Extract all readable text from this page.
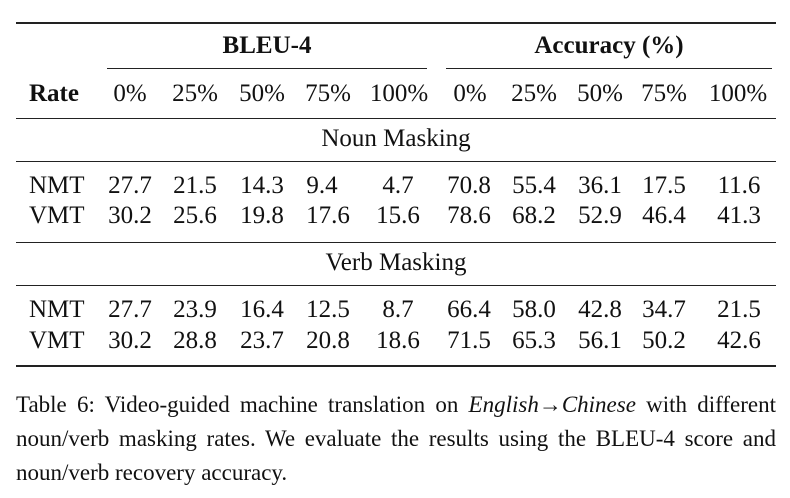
BLEU-4	Accuracy (%)
Rate 0% 25% 50% 75% 100% 0% 25% 50% 75% 100%
Noun Masking
NMT 27.7 21.5 14.3 9.4	4.7	70.8 55.4 36.1 17.5 11.6
VMT 30.2 25.6 19.8 17.6 15.6 78.6 68.2 52.9 46.4 41.3
Verb Masking
NMT 27.7 23.9 16.4 12.5	8.7	66.4 58.0 42.8 34.7 21.5
VMT 30.2 28.8 23.7 20.8 18.6 71.5 65.3 56.1 50.2 42.6
Table 6: Video-guided machine translation on English→Chinese with different noun/verb masking rates. We evaluate the results using the BLEU-4 score and noun/verb recovery accuracy.
